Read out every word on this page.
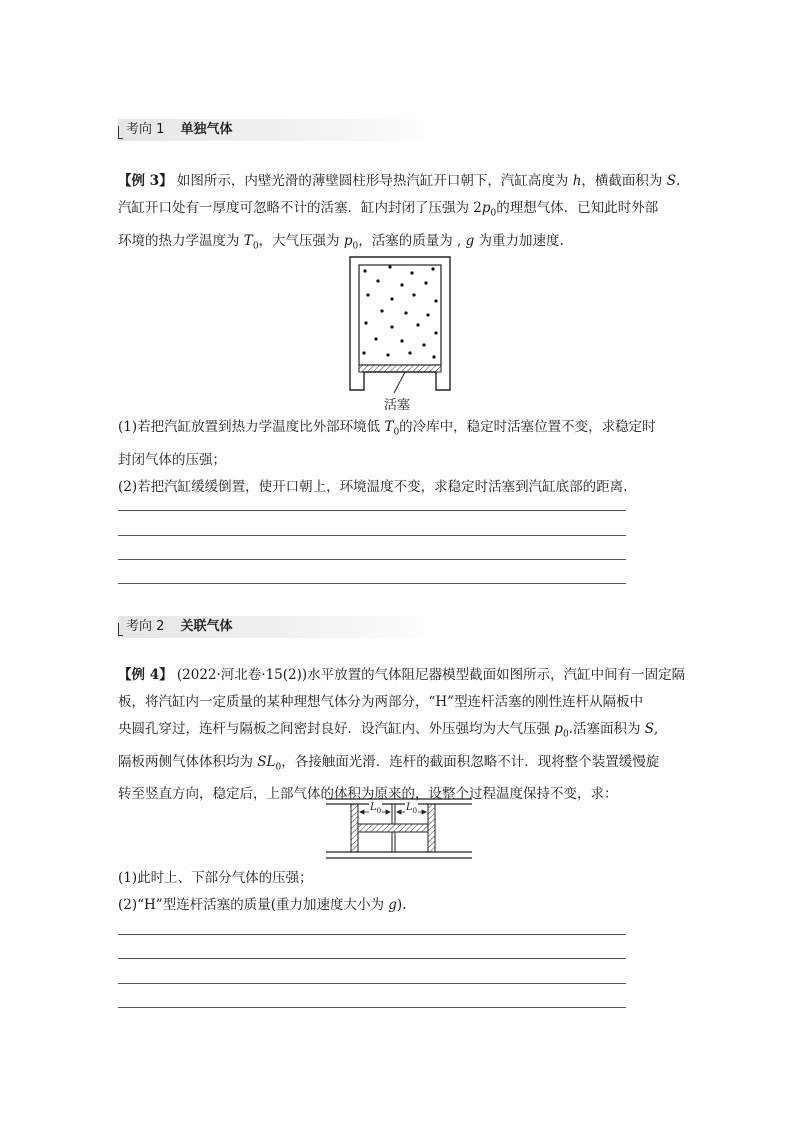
考向 1 单独气体
【例 3】 如图所示，内壁光滑的薄壁圆柱形导热汽缸开口朝下，汽缸高度为 h，横截面积为 S.
汽缸开口处有一厚度可忽略不计的活塞．缸内封闭了压强为 $2p_0$的理想气体．已知此时外部
环境的热力学温度为 $T_0$，大气压强为 $p_0$，活塞的质量为 , g 为重力加速度.
活塞
(1)若把汽缸放置到热力学温度比外部环境低 $T_0$的冷库中，稳定时活塞位置不变，求稳定时
封闭气体的压强；
(2)若把汽缸缓缓倒置，使开口朝上，环境温度不变，求稳定时活塞到汽缸底部的距离.
考向 2 关联气体
【例 4】 (2022·河北卷·15(2))水平放置的气体阻尼器模型截面如图所示，汽缸中间有一固定隔
板，将汽缸内一定质量的某种理想气体分为两部分，“H”型连杆活塞的刚性连杆从隔板中
央圆孔穿过，连杆与隔板之间密封良好．设汽缸内、外压强均为大气压强 $p_0$.活塞面积为 S,
隔板两侧气体体积均为 $SL_0$，各接触面光滑．连杆的截面积忽略不计．现将整个装置缓慢旋
转至竖直方向，稳定后，上部气体的体积为原来的，设整个过程温度保持不变，求：
$L_0$ $L_0$
(1)此时上、下部分气体的压强；
(2)“H”型连杆活塞的质量(重力加速度大小为 g).
